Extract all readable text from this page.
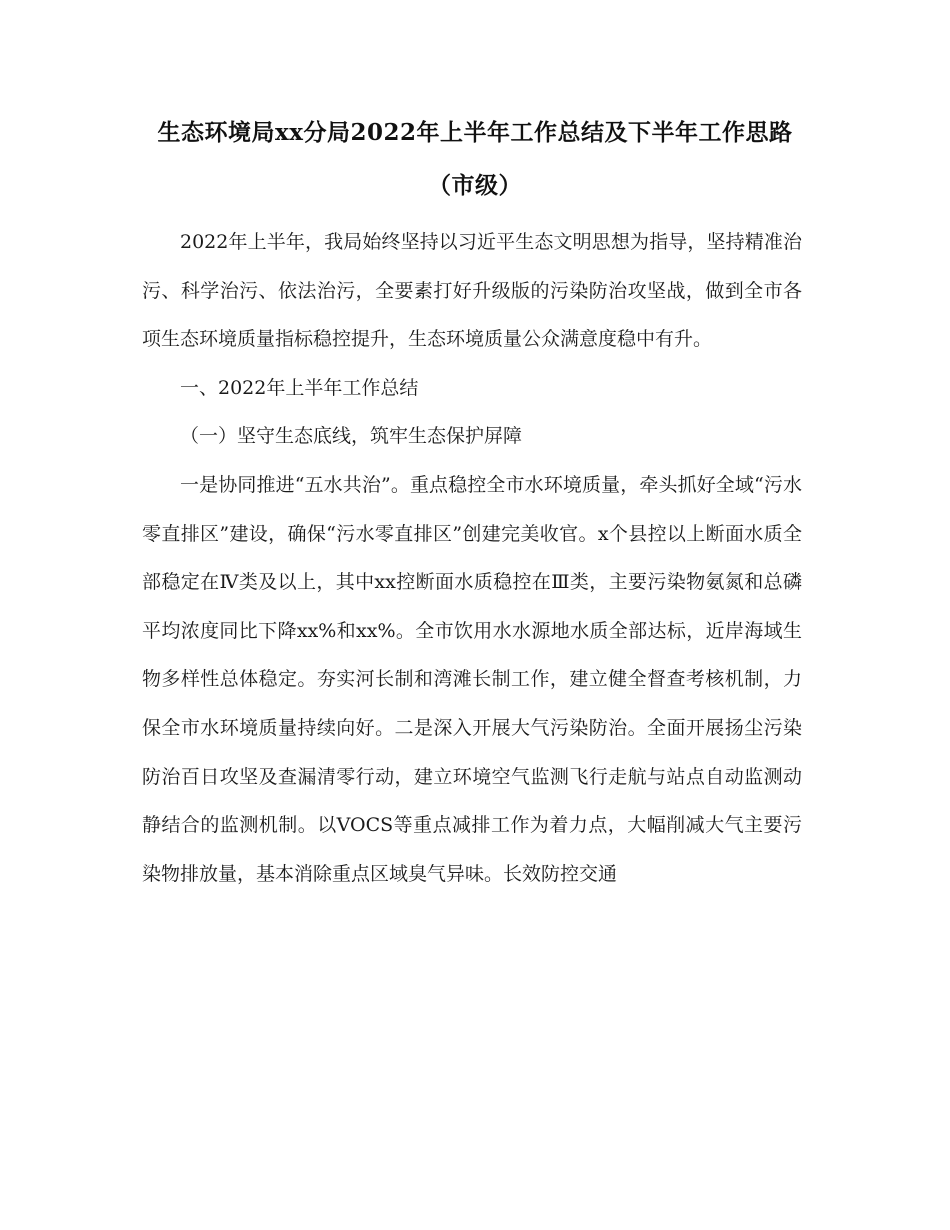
生态环境局xx分局2022年上半年工作总结及下半年工作思路
（市级）

2022年上半年，我局始终坚持以习近平生态文明思想为指导，坚持精准治污、科学治污、依法治污，全要素打好升级版的污染防治攻坚战，做到全市各项生态环境质量指标稳控提升，生态环境质量公众满意度稳中有升。

一、2022年上半年工作总结

（一）坚守生态底线，筑牢生态保护屏障

一是协同推进“五水共治”。重点稳控全市水环境质量，牵头抓好全域“污水零直排区”建设，确保“污水零直排区”创建完美收官。x个县控以上断面水质全部稳定在Ⅳ类及以上，其中xx控断面水质稳控在Ⅲ类，主要污染物氨氮和总磷平均浓度同比下降xx%和xx%。全市饮用水水源地水质全部达标，近岸海域生物多样性总体稳定。夯实河长制和湾滩长制工作，建立健全督查考核机制，力保全市水环境质量持续向好。二是深入开展大气污染防治。全面开展扬尘污染防治百日攻坚及查漏清零行动，建立环境空气监测飞行走航与站点自动监测动静结合的监测机制。以VOCS等重点减排工作为着力点，大幅削减大气主要污染物排放量，基本消除重点区域臭气异味。长效防控交通
